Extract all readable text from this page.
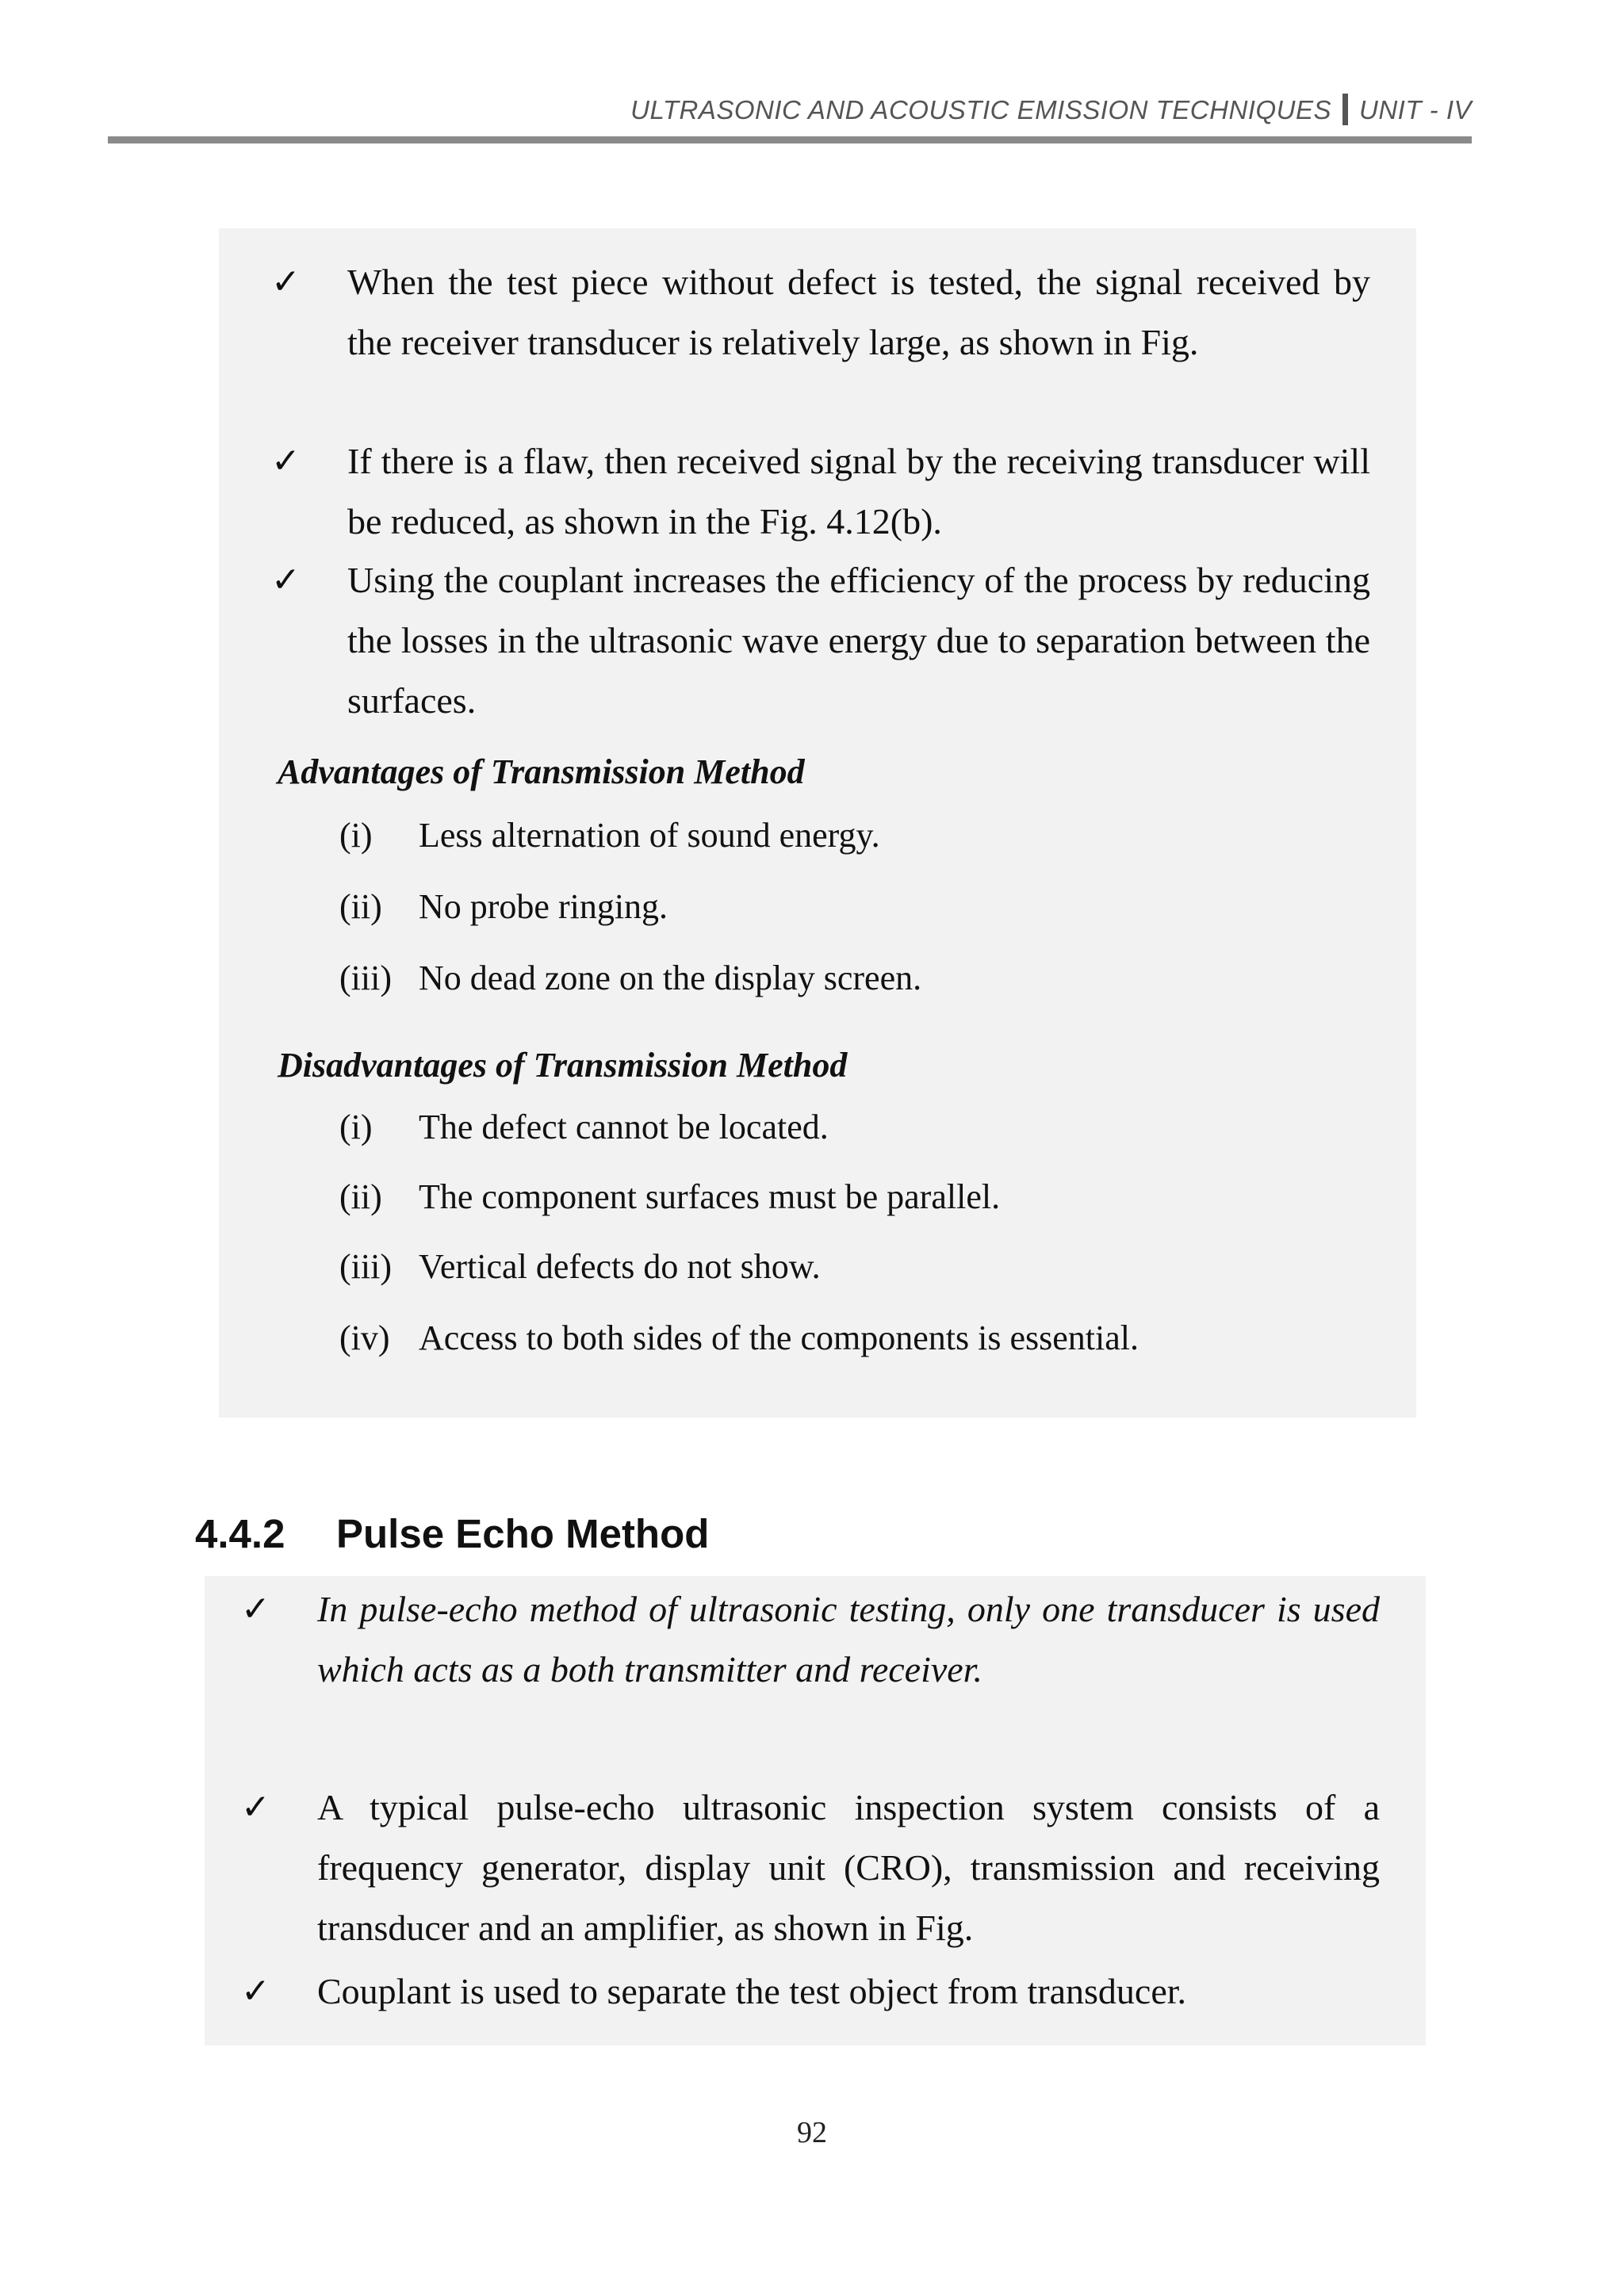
ULTRASONIC AND ACOUSTIC EMISSION TECHNIQUES UNIT - IV
✓ When the test piece without defect is tested, the signal received by the receiver transducer is relatively large, as shown in Fig.
✓ If there is a flaw, then received signal by the receiving transducer will be reduced, as shown in the Fig. 4.12(b).
✓ Using the couplant increases the efficiency of the process by reducing the losses in the ultrasonic wave energy due to separation between the surfaces.
Advantages of Transmission Method
(i) Less alternation of sound energy.
(ii) No probe ringing.
(iii) No dead zone on the display screen.
Disadvantages of Transmission Method
(i) The defect cannot be located.
(ii) The component surfaces must be parallel.
(iii) Vertical defects do not show.
(iv) Access to both sides of the components is essential.
4.4.2 Pulse Echo Method
✓ In pulse-echo method of ultrasonic testing, only one transducer is used which acts as a both transmitter and receiver.
✓ A typical pulse-echo ultrasonic inspection system consists of a frequency generator, display unit (CRO), transmission and receiving transducer and an amplifier, as shown in Fig.
✓ Couplant is used to separate the test object from transducer.
92
